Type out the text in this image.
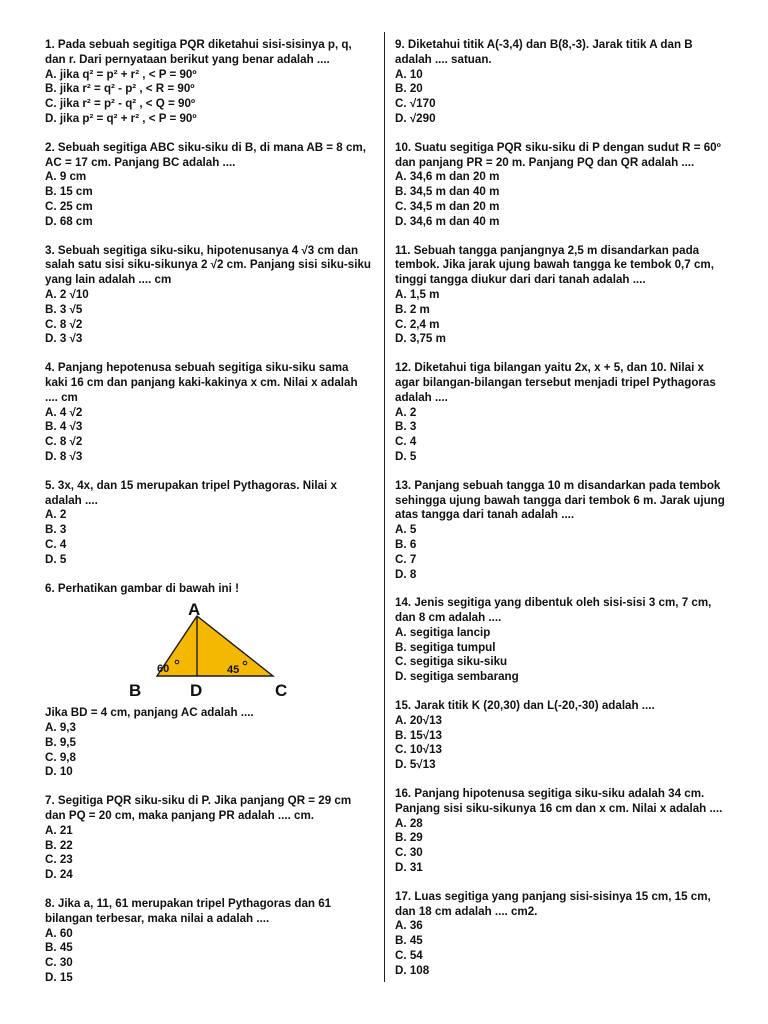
1. Pada sebuah segitiga PQR diketahui sisi-sisinya p, q, dan r. Dari pernyataan berikut yang benar adalah ....
A. jika q² = p² + r² , < P = 90º
B. jika r² = q² - p² , < R = 90º
C. jika r² = p² - q² , < Q = 90º
D. jika p² = q² + r² , < P = 90º
2. Sebuah segitiga ABC siku-siku di B, di mana AB = 8 cm, AC = 17 cm. Panjang BC adalah ....
A. 9 cm
B. 15 cm
C. 25 cm
D. 68 cm
3. Sebuah segitiga siku-siku, hipotenusanya 4 √3 cm dan salah satu sisi siku-sikunya 2 √2 cm. Panjang sisi siku-siku yang lain adalah .... cm
A. 2 √10
B. 3 √5
C. 8 √2
D. 3 √3
4. Panjang hepotenusa sebuah segitiga siku-siku sama kaki 16 cm dan panjang kaki-kakinya x cm. Nilai x adalah .... cm
A. 4 √2
B. 4 √3
C. 8 √2
D. 8 √3
5. 3x, 4x, dan 15 merupakan tripel Pythagoras. Nilai x adalah ....
A. 2
B. 3
C. 4
D. 5
6. Perhatikan gambar di bawah ini !
A
B	D	C
60	45
Jika BD = 4 cm, panjang AC adalah ....
A. 9,3
B. 9,5
C. 9,8
D. 10
7. Segitiga PQR siku-siku di P. Jika panjang QR = 29 cm dan PQ = 20 cm, maka panjang PR adalah .... cm.
A. 21
B. 22
C. 23
D. 24
8. Jika a, 11, 61 merupakan tripel Pythagoras dan 61 bilangan terbesar, maka nilai a adalah ....
A. 60
B. 45
C. 30
D. 15
9. Diketahui titik A(-3,4) dan B(8,-3). Jarak titik A dan B adalah .... satuan.
A. 10
B. 20
C. √170
D. √290
10. Suatu segitiga PQR siku-siku di P dengan sudut R = 60º dan panjang PR = 20 m. Panjang PQ dan QR adalah ....
A. 34,6 m dan 20 m
B. 34,5 m dan 40 m
C. 34,5 m dan 20 m
D. 34,6 m dan 40 m
11. Sebuah tangga panjangnya 2,5 m disandarkan pada tembok. Jika jarak ujung bawah tangga ke tembok 0,7 cm, tinggi tangga diukur dari dari tanah adalah ....
A. 1,5 m
B. 2 m
C. 2,4 m
D. 3,75 m
12. Diketahui tiga bilangan yaitu 2x, x + 5, dan 10. Nilai x agar bilangan-bilangan tersebut menjadi tripel Pythagoras adalah ....
A. 2
B. 3
C. 4
D. 5
13. Panjang sebuah tangga 10 m disandarkan pada tembok sehingga ujung bawah tangga dari tembok 6 m. Jarak ujung atas tangga dari tanah adalah ....
A. 5
B. 6
C. 7
D. 8
14. Jenis segitiga yang dibentuk oleh sisi-sisi 3 cm, 7 cm, dan 8 cm adalah ....
A. segitiga lancip
B. segitiga tumpul
C. segitiga siku-siku
D. segitiga sembarang
15. Jarak titik K (20,30) dan L(-20,-30) adalah ....
A. 20√13
B. 15√13
C. 10√13
D. 5√13
16. Panjang hipotenusa segitiga siku-siku adalah 34 cm. Panjang sisi siku-sikunya 16 cm dan x cm. Nilai x adalah ....
A. 28
B. 29
C. 30
D. 31
17. Luas segitiga yang panjang sisi-sisinya 15 cm, 15 cm, dan 18 cm adalah .... cm2.
A. 36
B. 45
C. 54
D. 108
